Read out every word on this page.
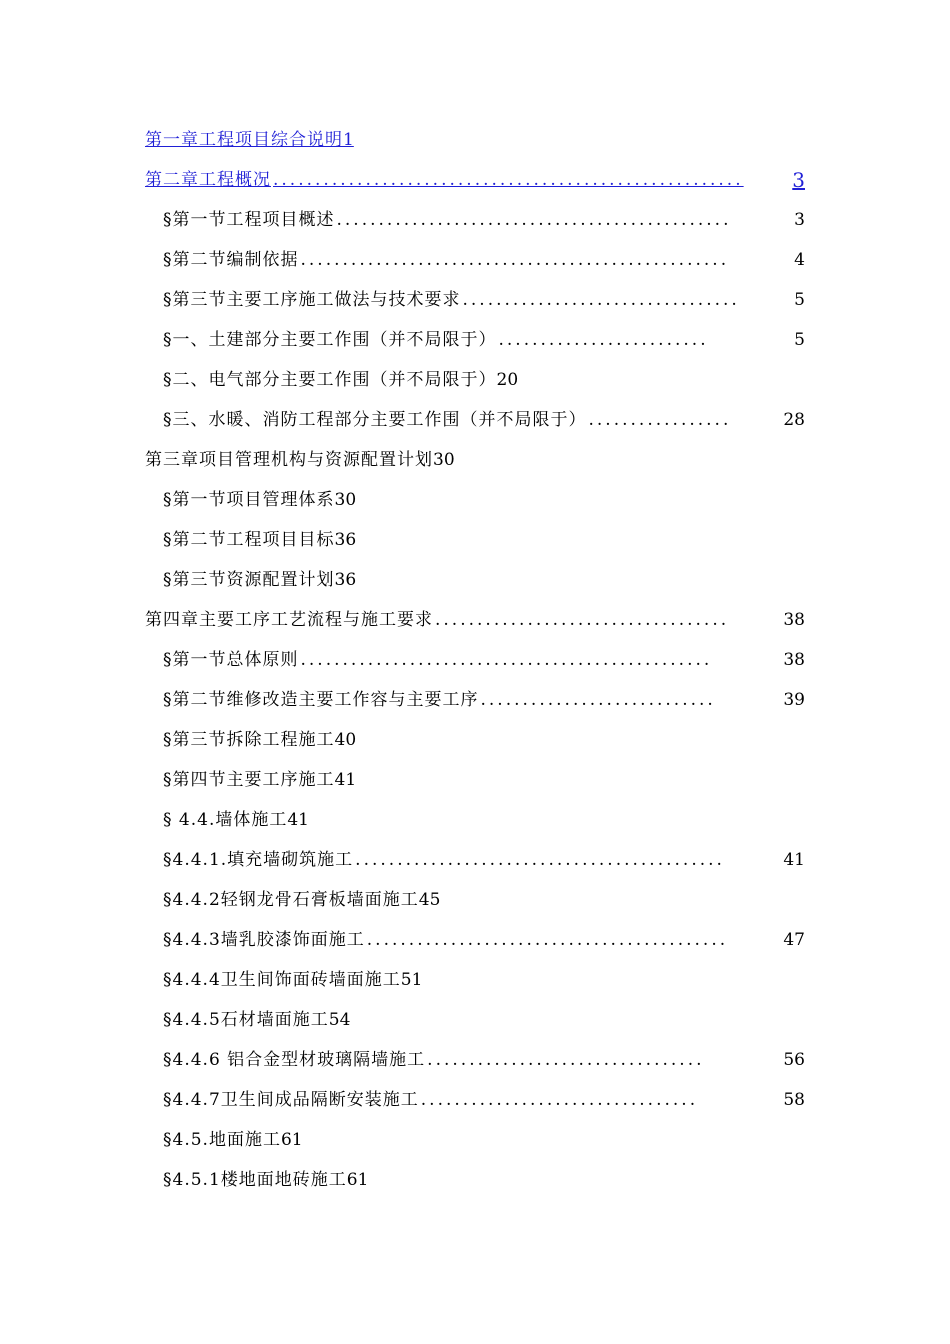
第一章工程项目综合说明 1
第二章工程概况 ........................................................	3
§第一节工程项目概述 ...............................................	3
§第二节编制依据 ...................................................	4
§第三节主要工序施工做法与技术要求 .................................	5
§一、土建部分主要工作围（并不局限于） .........................	5
§二、电气部分主要工作围（并不局限于） 20
§三、水暖、消防工程部分主要工作围（并不局限于） .................	28
第三章项目管理机构与资源配置计划 30
§第一节项目管理体系 30
§第二节工程项目目标 36
§第三节资源配置计划 36
第四章主要工序工艺流程与施工要求 ...................................	38
§第一节总体原则 .................................................	38
§第二节维修改造主要工作容与主要工序 ............................	39
§第三节拆除工程施工 40
§第四节主要工序施工 41
§ 4.4.墙体施工 41
§4.4.1.填充墙砌筑施工 ............................................	41
§4.4.2轻钢龙骨石膏板墙面施工 45
§4.4.3墙乳胶漆饰面施工 ...........................................	47
§4.4.4卫生间饰面砖墙面施工 51
§4.4.5石材墙面施工 54
§4.4.6 铝合金型材玻璃隔墙施工 .................................	56
§4.4.7卫生间成品隔断安装施工 .................................	58
§4.5.地面施工 61
§4.5.1楼地面地砖施工 61
